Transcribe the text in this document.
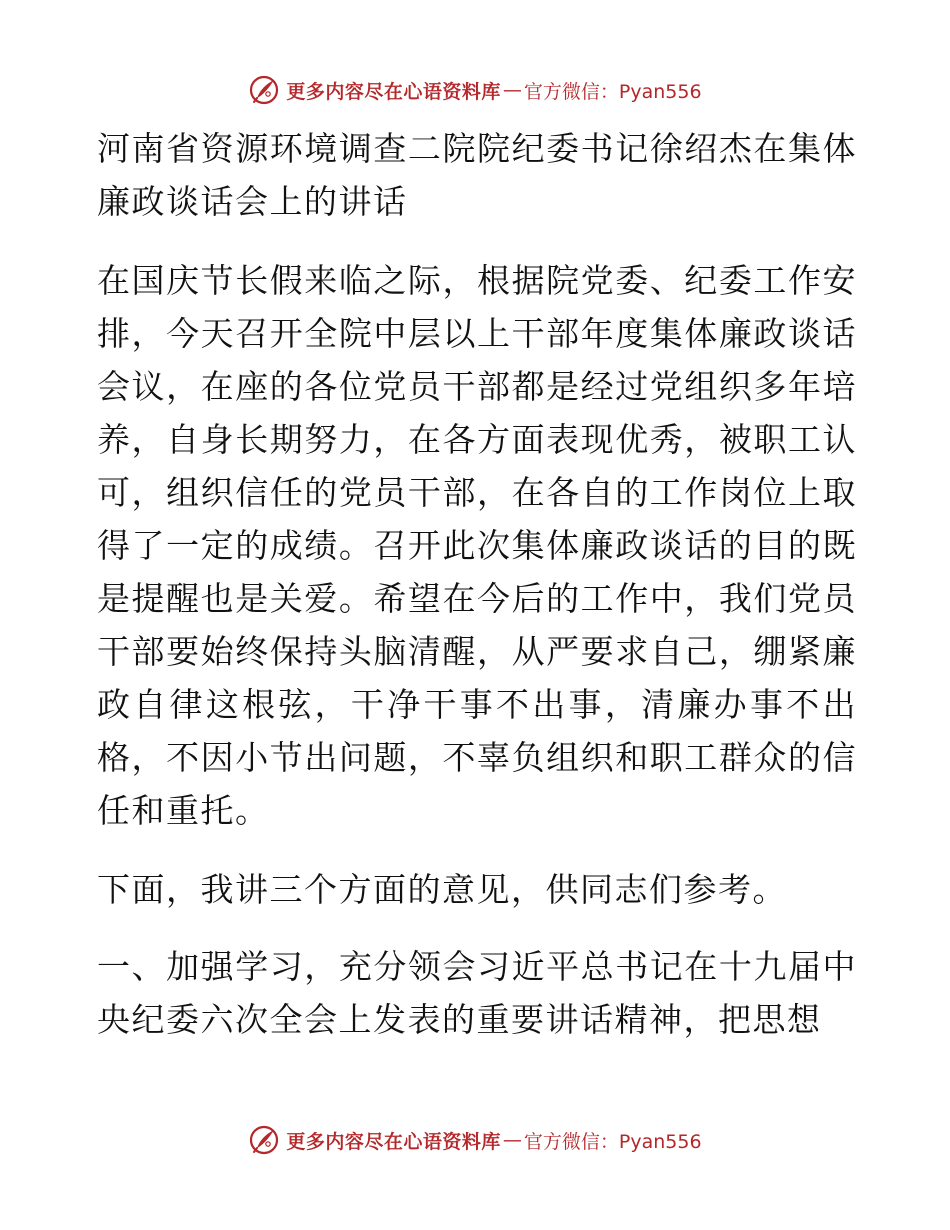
更多内容尽在心语资料库 — 官方微信：Pyan556

河南省资源环境调查二院院纪委书记徐绍杰在集体廉政谈话会上的讲话

在国庆节长假来临之际，根据院党委、纪委工作安排，今天召开全院中层以上干部年度集体廉政谈话会议，在座的各位党员干部都是经过党组织多年培养，自身长期努力，在各方面表现优秀，被职工认可，组织信任的党员干部，在各自的工作岗位上取得了一定的成绩。召开此次集体廉政谈话的目的既是提醒也是关爱。希望在今后的工作中，我们党员干部要始终保持头脑清醒，从严要求自己，绷紧廉政自律这根弦，干净干事不出事，清廉办事不出格，不因小节出问题，不辜负组织和职工群众的信任和重托。

下面，我讲三个方面的意见，供同志们参考。

一、加强学习，充分领会习近平总书记在十九届中央纪委六次全会上发表的重要讲话精神，把思想

更多内容尽在心语资料库 — 官方微信：Pyan556
